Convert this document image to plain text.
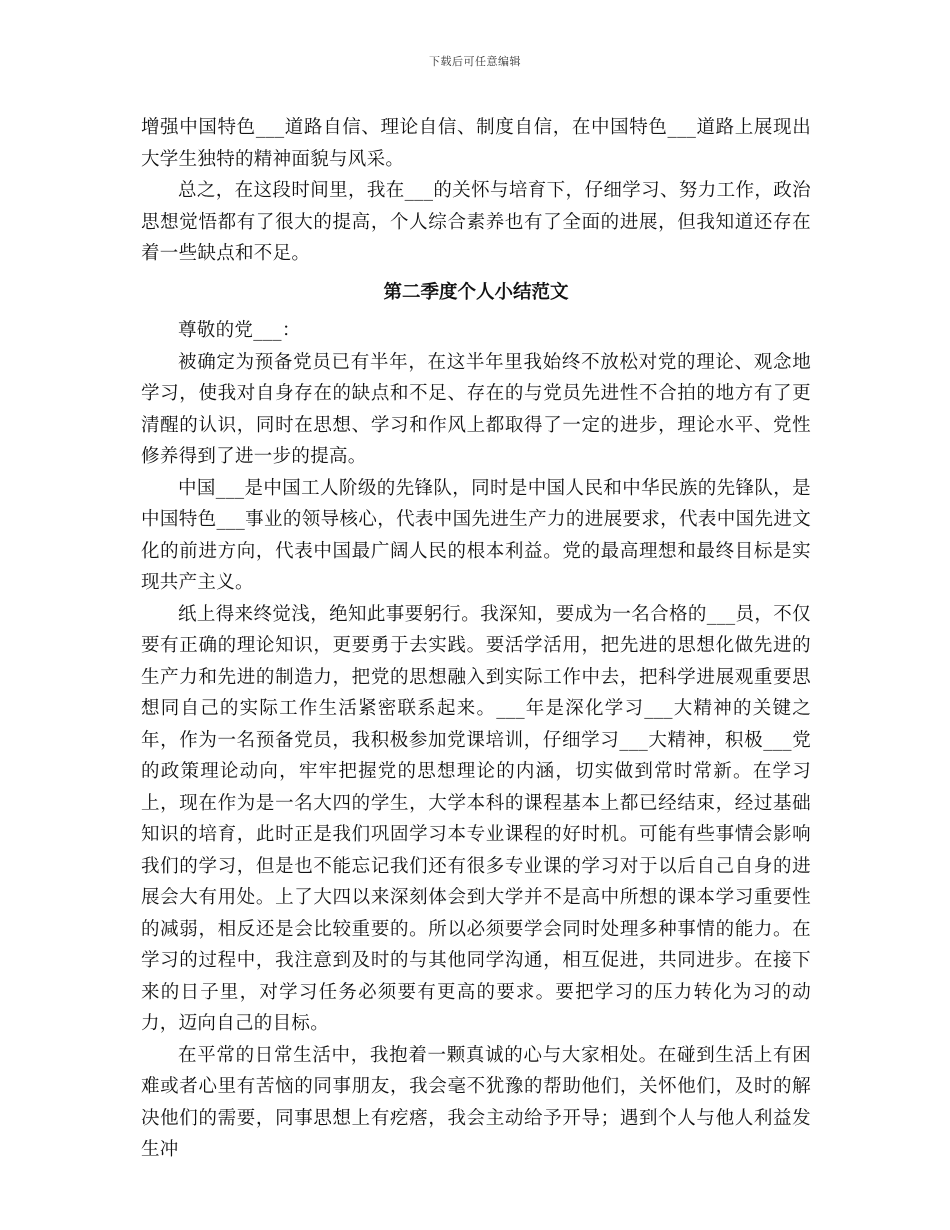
下载后可任意编辑

增强中国特色___道路自信、理论自信、制度自信，在中国特色___道路上展现出大学生独特的精神面貌与风采。

总之，在这段时间里，我在___的关怀与培育下，仔细学习、努力工作，政治思想觉悟都有了很大的提高，个人综合素养也有了全面的进展，但我知道还存在着一些缺点和不足。

第二季度个人小结范文

尊敬的党___：

被确定为预备党员已有半年，在这半年里我始终不放松对党的理论、观念地学习，使我对自身存在的缺点和不足、存在的与党员先进性不合拍的地方有了更清醒的认识，同时在思想、学习和作风上都取得了一定的进步，理论水平、党性修养得到了进一步的提高。

中国___是中国工人阶级的先锋队，同时是中国人民和中华民族的先锋队，是中国特色___事业的领导核心，代表中国先进生产力的进展要求，代表中国先进文化的前进方向，代表中国最广阔人民的根本利益。党的最高理想和最终目标是实现共产主义。

纸上得来终觉浅，绝知此事要躬行。我深知，要成为一名合格的___员，不仅要有正确的理论知识，更要勇于去实践。要活学活用，把先进的思想化做先进的生产力和先进的制造力，把党的思想融入到实际工作中去，把科学进展观重要思想同自己的实际工作生活紧密联系起来。___年是深化学习___大精神的关键之年，作为一名预备党员，我积极参加党课培训，仔细学习___大精神，积极___党的政策理论动向，牢牢把握党的思想理论的内涵，切实做到常时常新。在学习上，现在作为是一名大四的学生，大学本科的课程基本上都已经结束，经过基础知识的培育，此时正是我们巩固学习本专业课程的好时机。可能有些事情会影响我们的学习，但是也不能忘记我们还有很多专业课的学习对于以后自己自身的进展会大有用处。上了大四以来深刻体会到大学并不是高中所想的课本学习重要性的减弱，相反还是会比较重要的。所以必须要学会同时处理多种事情的能力。在学习的过程中，我注意到及时的与其他同学沟通，相互促进，共同进步。在接下来的日子里，对学习任务必须要有更高的要求。要把学习的压力转化为习的动力，迈向自己的目标。

在平常的日常生活中，我抱着一颗真诚的心与大家相处。在碰到生活上有困难或者心里有苦恼的同事朋友，我会毫不犹豫的帮助他们，关怀他们，及时的解决他们的需要，同事思想上有疙瘩，我会主动给予开导；遇到个人与他人利益发生冲
